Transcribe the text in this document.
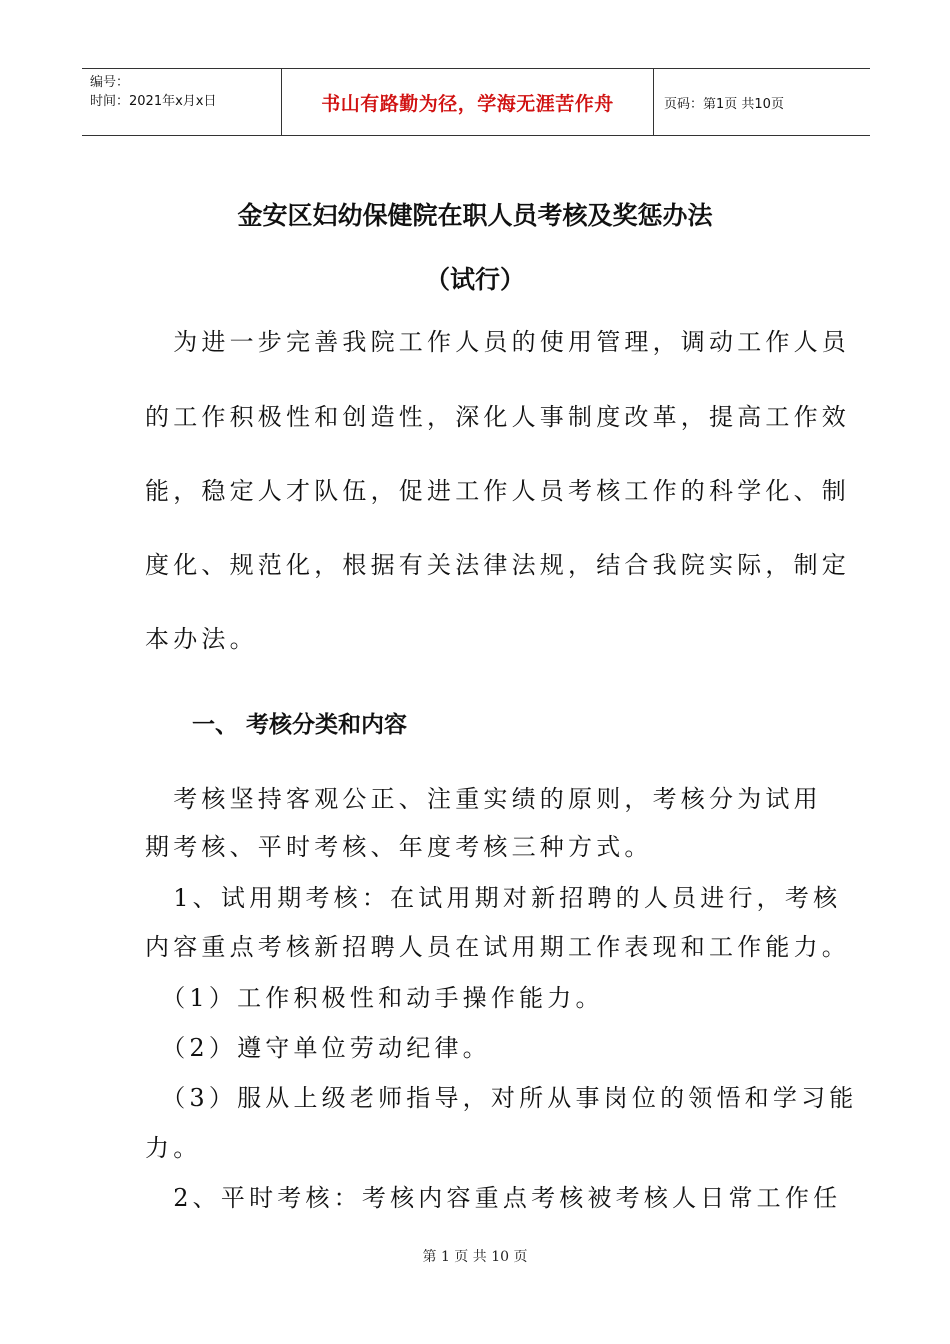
编号：
时间：2021年x月x日	书山有路勤为径，学海无涯苦作舟	页码：第1页 共10页
金安区妇幼保健院在职人员考核及奖惩办法
（试行）
　为进一步完善我院工作人员的使用管理，调动工作人员
的工作积极性和创造性，深化人事制度改革，提高工作效
能，稳定人才队伍，促进工作人员考核工作的科学化、制
度化、规范化，根据有关法律法规，结合我院实际，制定
本办法。
一、 考核分类和内容
　考核坚持客观公正、注重实绩的原则，考核分为试用
期考核、平时考核、年度考核三种方式。
　1、试用期考核：在试用期对新招聘的人员进行，考核
内容重点考核新招聘人员在试用期工作表现和工作能力。
　（1）工作积极性和动手操作能力。
　（2）遵守单位劳动纪律。
　（3）服从上级老师指导，对所从事岗位的领悟和学习能
力。
　2、平时考核：考核内容重点考核被考核人日常工作任
第 1 页 共 10 页
